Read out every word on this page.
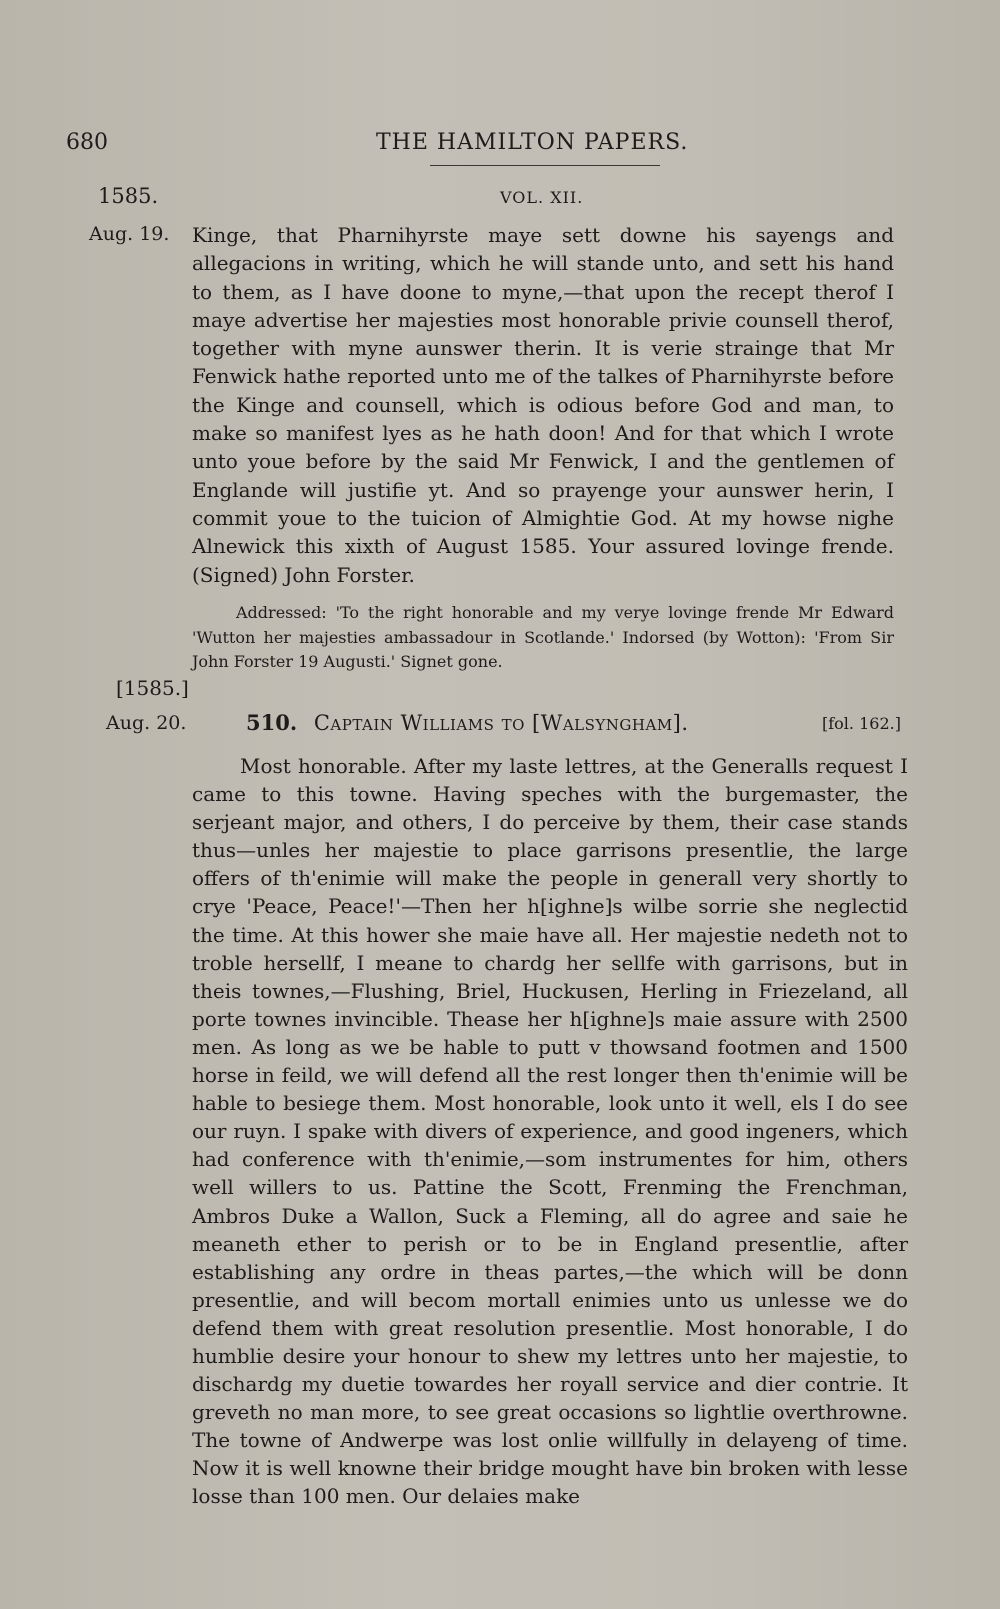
680	THE HAMILTON PAPERS.
1585.	VOL. XII.
Aug. 19. Kinge, that Pharnihyrste maye sett downe his sayengs and allegacions in writing, which he will stande unto, and sett his hand to them, as I have doone to myne,—that upon the recept therof I maye advertise her majesties most honorable privie counsell therof, together with myne aunswer therin. It is verie strainge that Mr Fenwick hathe reported unto me of the talkes of Pharnihyrste before the Kinge and counsell, which is odious before God and man, to make so manifest lyes as he hath doon! And for that which I wrote unto youe before by the said Mr Fenwick, I and the gentlemen of Englande will justifie yt. And so prayenge your aunswer herin, I commit youe to the tuicion of Almightie God. At my howse nighe Alnewick this xixth of August 1585. Your assured lovinge frende. (Signed) John Forster.
Addressed: 'To the right honorable and my verye lovinge frende Mr Edward 'Wutton her majesties ambassadour in Scotlande.' Indorsed (by Wotton): 'From Sir John Forster 19 Augusti.' Signet gone.
[1585.]
Aug. 20.	510. Captain Williams to [Walsyngham].	[fol. 162.]
Most honorable. After my laste lettres, at the Generalls request I came to this towne. Having speches with the burgemaster, the serjeant major, and others, I do perceive by them, their case stands thus—unles her majestie to place garrisons presentlie, the large offers of th'enimie will make the people in generall very shortly to crye 'Peace, Peace!'—Then her h[ighne]s wilbe sorrie she neglectid the time. At this hower she maie have all. Her majestie nedeth not to troble hersellf, I meane to chardg her sellfe with garrisons, but in theis townes,—Flushing, Briel, Huckusen, Herling in Friezeland, all porte townes invincible. Thease her h[ighne]s maie assure with 2500 men. As long as we be hable to putt v thowsand footmen and 1500 horse in feild, we will defend all the rest longer then th'enimie will be hable to besiege them. Most honorable, look unto it well, els I do see our ruyn. I spake with divers of experience, and good ingeners, which had conference with th'enimie,—som instrumentes for him, others well willers to us. Pattine the Scott, Frenming the Frenchman, Ambros Duke a Wallon, Suck a Fleming, all do agree and saie he meaneth ether to perish or to be in England presentlie, after establishing any ordre in theas partes,—the which will be donn presentlie, and will becom mortall enimies unto us unlesse we do defend them with great resolution presentlie. Most honorable, I do humblie desire your honour to shew my lettres unto her majestie, to dischardg my duetie towardes her royall service and dier contrie. It greveth no man more, to see great occasions so lightlie overthrowne. The towne of Andwerpe was lost onlie willfully in delayeng of time. Now it is well knowne their bridge mought have bin broken with lesse losse than 100 men. Our delaies make
